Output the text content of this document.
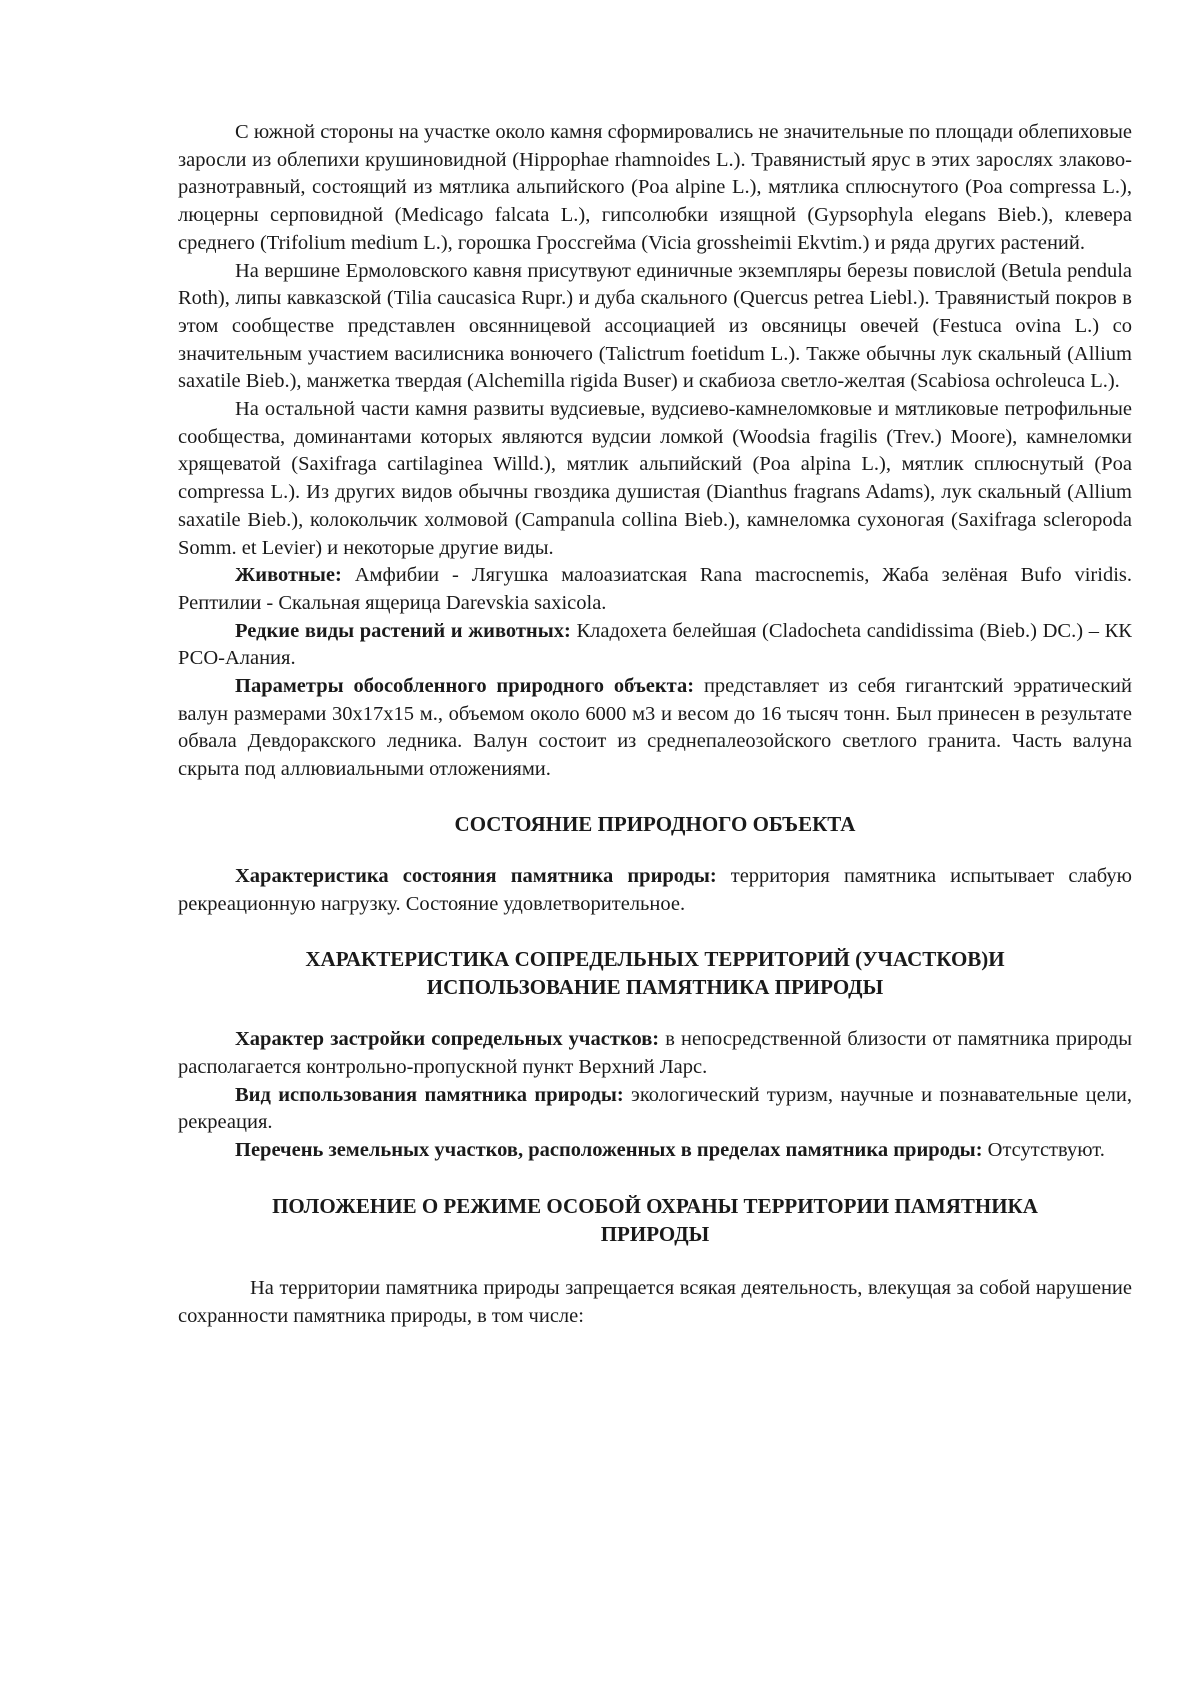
С южной стороны на участке около камня сформировались не значительные по площади облепиховые заросли из облепихи крушиновидной (Hippophae rhamnoides L.). Травянистый ярус в этих зарослях злаково-разнотравный, состоящий из мятлика альпийского (Poa alpine L.), мятлика сплюснутого (Poa compressa L.), люцерны серповидной (Medicago falcata L.), гипсолюбки изящной (Gypsophyla elegans Bieb.), клевера среднего (Trifolium medium L.), горошка Гроссгейма (Vicia grossheimii Ekvtim.) и ряда других растений.

На вершине Ермоловского кавня присутвуют единичные экземпляры березы повислой (Betula pendula Roth), липы кавказской (Tilia caucasica Rupr.) и дуба скального (Quercus petrea Liebl.). Травянистый покров в этом сообществе представлен овсянницевой ассоциацией из овсяницы овечей (Festuca ovina L.) со значительным участием василисника вонючего (Talictrum foetidum L.). Также обычны лук скальный (Allium saxatile Bieb.), манжетка твердая (Alchemilla rigida Buser) и скабиоза светло-желтая (Scabiosa ochroleuca L.).

На остальной части камня развиты вудсиевые, вудсиево-камнеломковые и мятликовые петрофильные сообщества, доминантами которых являются вудсии ломкой (Woodsia fragilis (Trev.) Moore), камнеломки хрящеватой (Saxifraga cartilaginea Willd.), мятлик альпийский (Poa alpina L.), мятлик сплюснутый (Poa compressa L.). Из других видов обычны гвоздика душистая (Dianthus fragrans Adams), лук скальный (Allium saxatile Bieb.), колокольчик холмовой (Campanula collina Bieb.), камнеломка сухоногая (Saxifraga scleropoda Somm. et Levier) и некоторые другие виды.

Животные: Амфибии - Лягушка малоазиатская Rana macrocnemis, Жаба зелёная Bufo viridis. Рептилии - Скальная ящерица Darevskia saxicola.

Редкие виды растений и животных: Кладохета белейшая (Cladocheta candidissima (Bieb.) DC.) – КК РСО-Алания.

Параметры обособленного природного объекта: представляет из себя гигантский эрратический валун размерами 30х17х15 м., объемом около 6000 м3 и весом до 16 тысяч тонн. Был принесен в результате обвала Девдоракского ледника. Валун состоит из среднепалеозойского светлого гранита. Часть валуна скрыта под аллювиальными отложениями.

СОСТОЯНИЕ ПРИРОДНОГО ОБЪЕКТА

Характеристика состояния памятника природы: территория памятника испытывает слабую рекреационную нагрузку. Состояние удовлетворительное.

ХАРАКТЕРИСТИКА СОПРЕДЕЛЬНЫХ ТЕРРИТОРИЙ (УЧАСТКОВ)И

ИСПОЛЬЗОВАНИЕ ПАМЯТНИКА ПРИРОДЫ

Характер застройки сопредельных участков: в непосредственной близости от памятника природы располагается контрольно-пропускной пункт Верхний Ларс.

Вид использования памятника природы: экологический туризм, научные и познавательные цели, рекреация.

Перечень земельных участков, расположенных в пределах памятника природы: Отсутствуют.

ПОЛОЖЕНИЕ О РЕЖИМЕ ОСОБОЙ ОХРАНЫ ТЕРРИТОРИИ ПАМЯТНИКА

ПРИРОДЫ

На территории памятника природы запрещается всякая деятельность, влекущая за собой нарушение сохранности памятника природы, в том числе:
